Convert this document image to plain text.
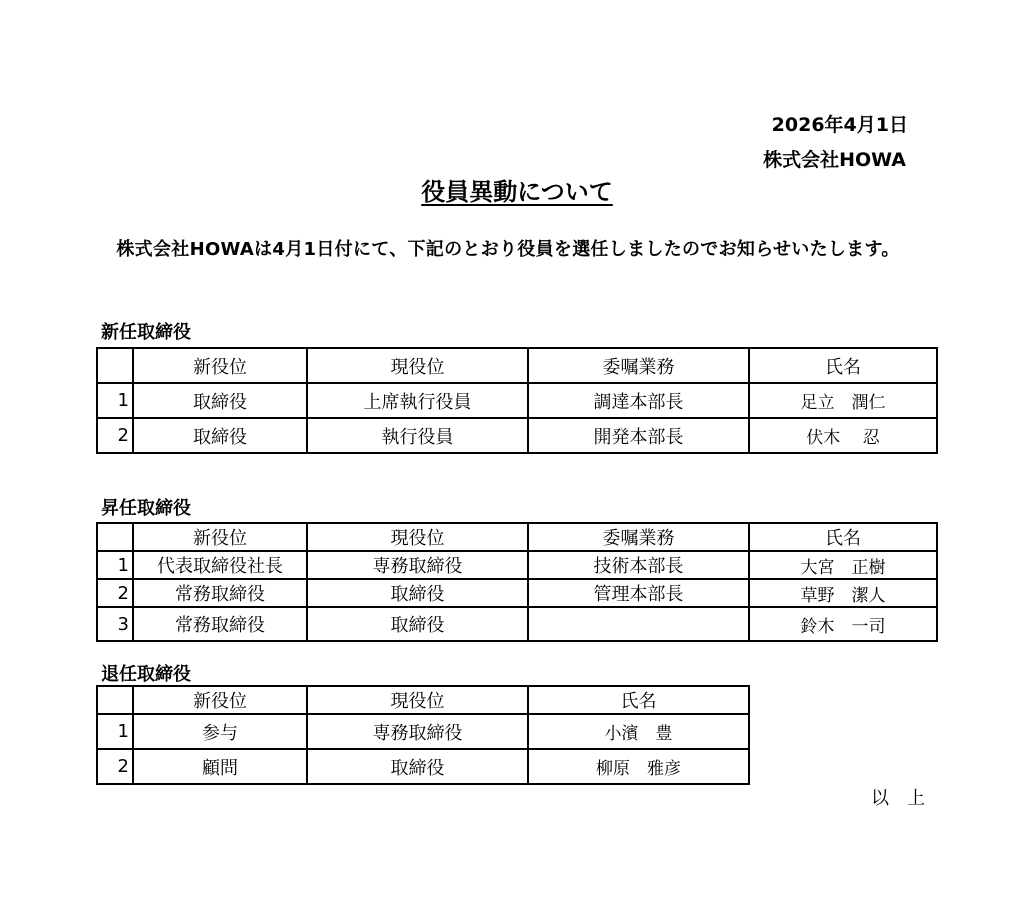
2026年4月1日
株式会社HOWA
役員異動について
株式会社HOWAは4月1日付にて、下記のとおり役員を選任しましたのでお知らせいたします。
新任取締役
	新役位	現役位	委嘱業務	氏名
1	取締役	上席執行役員	調達本部長	足立　潤仁
2	取締役	執行役員	開発本部長	伏木　 忍
昇任取締役
	新役位	現役位	委嘱業務	氏名
1	代表取締役社長	専務取締役	技術本部長	大宮　正樹
2	常務取締役	取締役	管理本部長	草野　潔人
3	常務取締役	取締役		鈴木　一司
退任取締役
	新役位	現役位	氏名
1	参与	専務取締役	小濱　豊
2	顧問	取締役	柳原　雅彦
以　上
